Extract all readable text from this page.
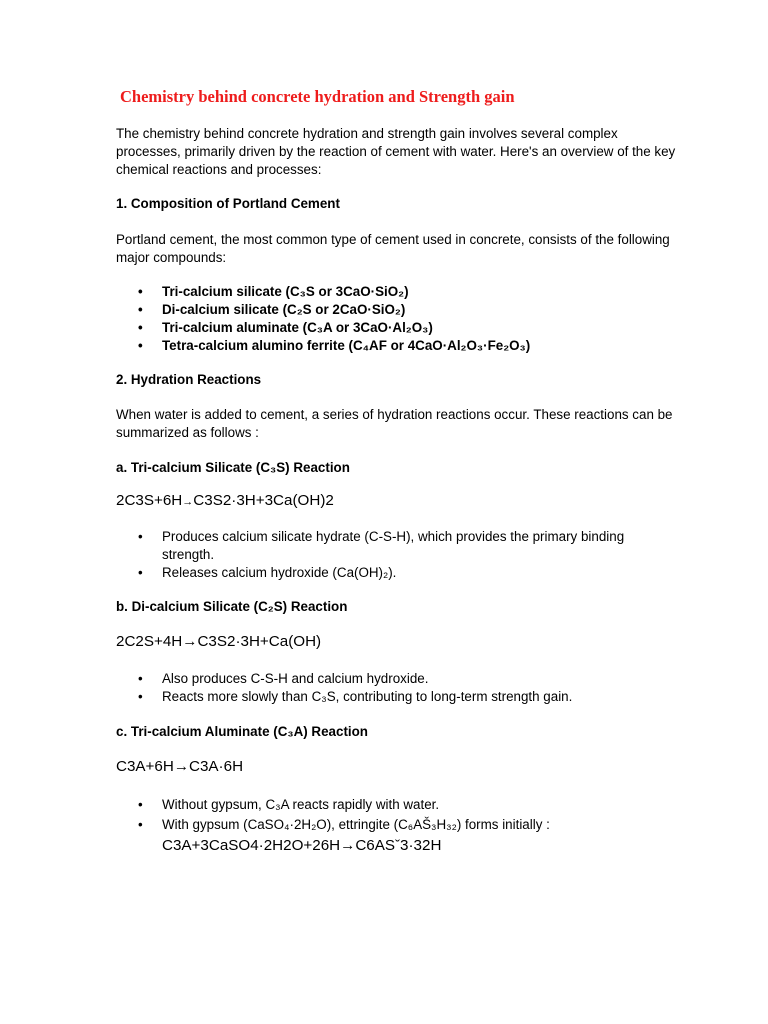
Chemistry behind concrete hydration and Strength gain

The chemistry behind concrete hydration and strength gain involves several complex processes, primarily driven by the reaction of cement with water. Here's an overview of the key chemical reactions and processes:

1. Composition of Portland Cement

Portland cement, the most common type of cement used in concrete, consists of the following major compounds:

• Tri-calcium silicate (C₃S or 3CaO·SiO₂)
• Di-calcium silicate (C₂S or 2CaO·SiO₂)
• Tri-calcium aluminate (C₃A or 3CaO·Al₂O₃)
• Tetra-calcium alumino ferrite (C₄AF or 4CaO·Al₂O₃·Fe₂O₃)
2. Hydration Reactions

When water is added to cement, a series of hydration reactions occur. These reactions can be summarized as follows :

a. Tri-calcium Silicate (C₃S) Reaction

2C3S+6H→C3S2·3H+3Ca(OH)2

• Produces calcium silicate hydrate (C-S-H), which provides the primary binding strength.
• Releases calcium hydroxide (Ca(OH)₂).
b. Di-calcium Silicate (C₂S) Reaction

2C2S+4H→C3S2·3H+Ca(OH)

• Also produces C-S-H and calcium hydroxide.
• Reacts more slowly than C₃S, contributing to long-term strength gain.
c. Tri-calcium Aluminate (C₃A) Reaction

C3A+6H→C3A·6H

• Without gypsum, C₃A reacts rapidly with water.
• With gypsum (CaSO₄·2H₂O), ettringite (C₆AŠ₃H₃₂) forms initially :
C3A+3CaSO4·2H2O+26H→C6ASˇ3·32H
